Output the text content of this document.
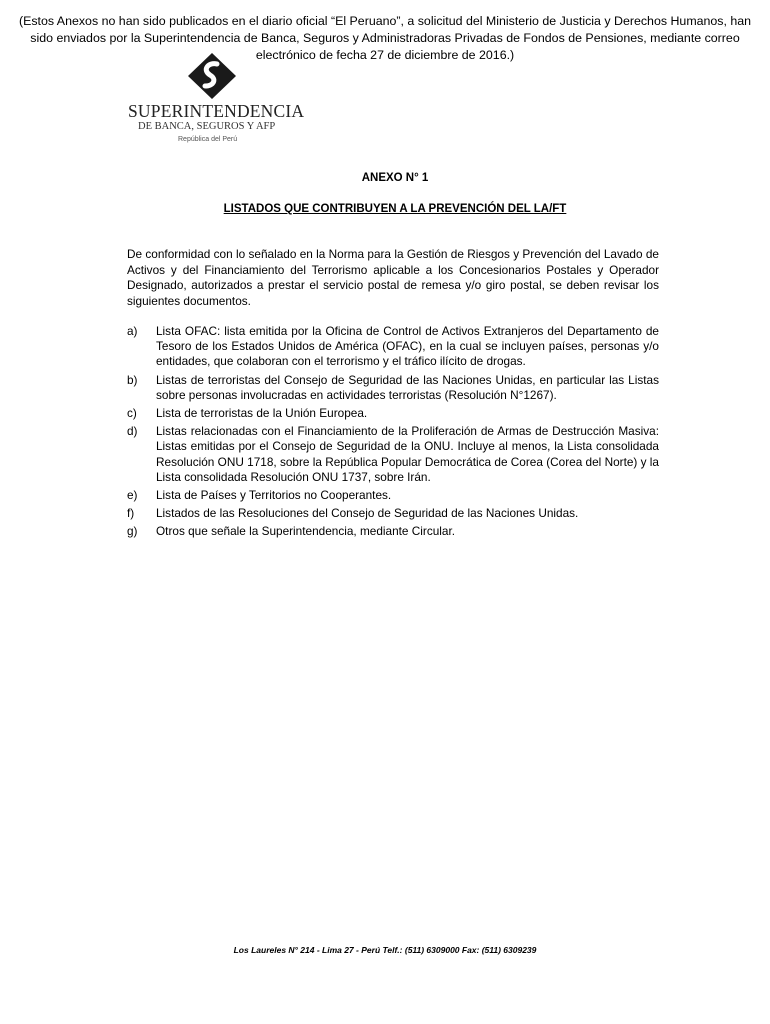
(Estos Anexos no han sido publicados en el diario oficial “El Peruano”, a solicitud del Ministerio de Justicia y Derechos Humanos, han sido enviados por la Superintendencia de Banca, Seguros y Administradoras Privadas de Fondos de Pensiones, mediante correo electrónico de fecha 27 de diciembre de 2016.)
SUPERINTENDENCIA
DE BANCA, SEGUROS Y AFP
República del Perú
ANEXO N° 1
LISTADOS QUE CONTRIBUYEN A LA PREVENCIÓN DEL LA/FT
De conformidad con lo señalado en la Norma para la Gestión de Riesgos y Prevención del Lavado de Activos y del Financiamiento del Terrorismo aplicable a los Concesionarios Postales y Operador Designado, autorizados a prestar el servicio postal de remesa y/o giro postal, se deben revisar los siguientes documentos.
a)	Lista OFAC: lista emitida por la Oficina de Control de Activos Extranjeros del Departamento de Tesoro de los Estados Unidos de América (OFAC), en la cual se incluyen países, personas y/o entidades, que colaboran con el terrorismo y el tráfico ilícito de drogas.
b)	Listas de terroristas del Consejo de Seguridad de las Naciones Unidas, en particular las Listas sobre personas involucradas en actividades terroristas (Resolución N°1267).
c)	Lista de terroristas de la Unión Europea.
d)	Listas relacionadas con el Financiamiento de la Proliferación de Armas de Destrucción Masiva: Listas emitidas por el Consejo de Seguridad de la ONU. Incluye al menos, la Lista consolidada Resolución ONU 1718, sobre la República Popular Democrática de Corea (Corea del Norte) y la Lista consolidada Resolución ONU 1737, sobre Irán.
e)	Lista de Países y Territorios no Cooperantes.
f)	Listados de las Resoluciones del Consejo de Seguridad de las Naciones Unidas.
g)	Otros que señale la Superintendencia, mediante Circular.
Los Laureles N° 214 - Lima 27 - Perú Telf.: (511) 6309000 Fax: (511) 6309239
